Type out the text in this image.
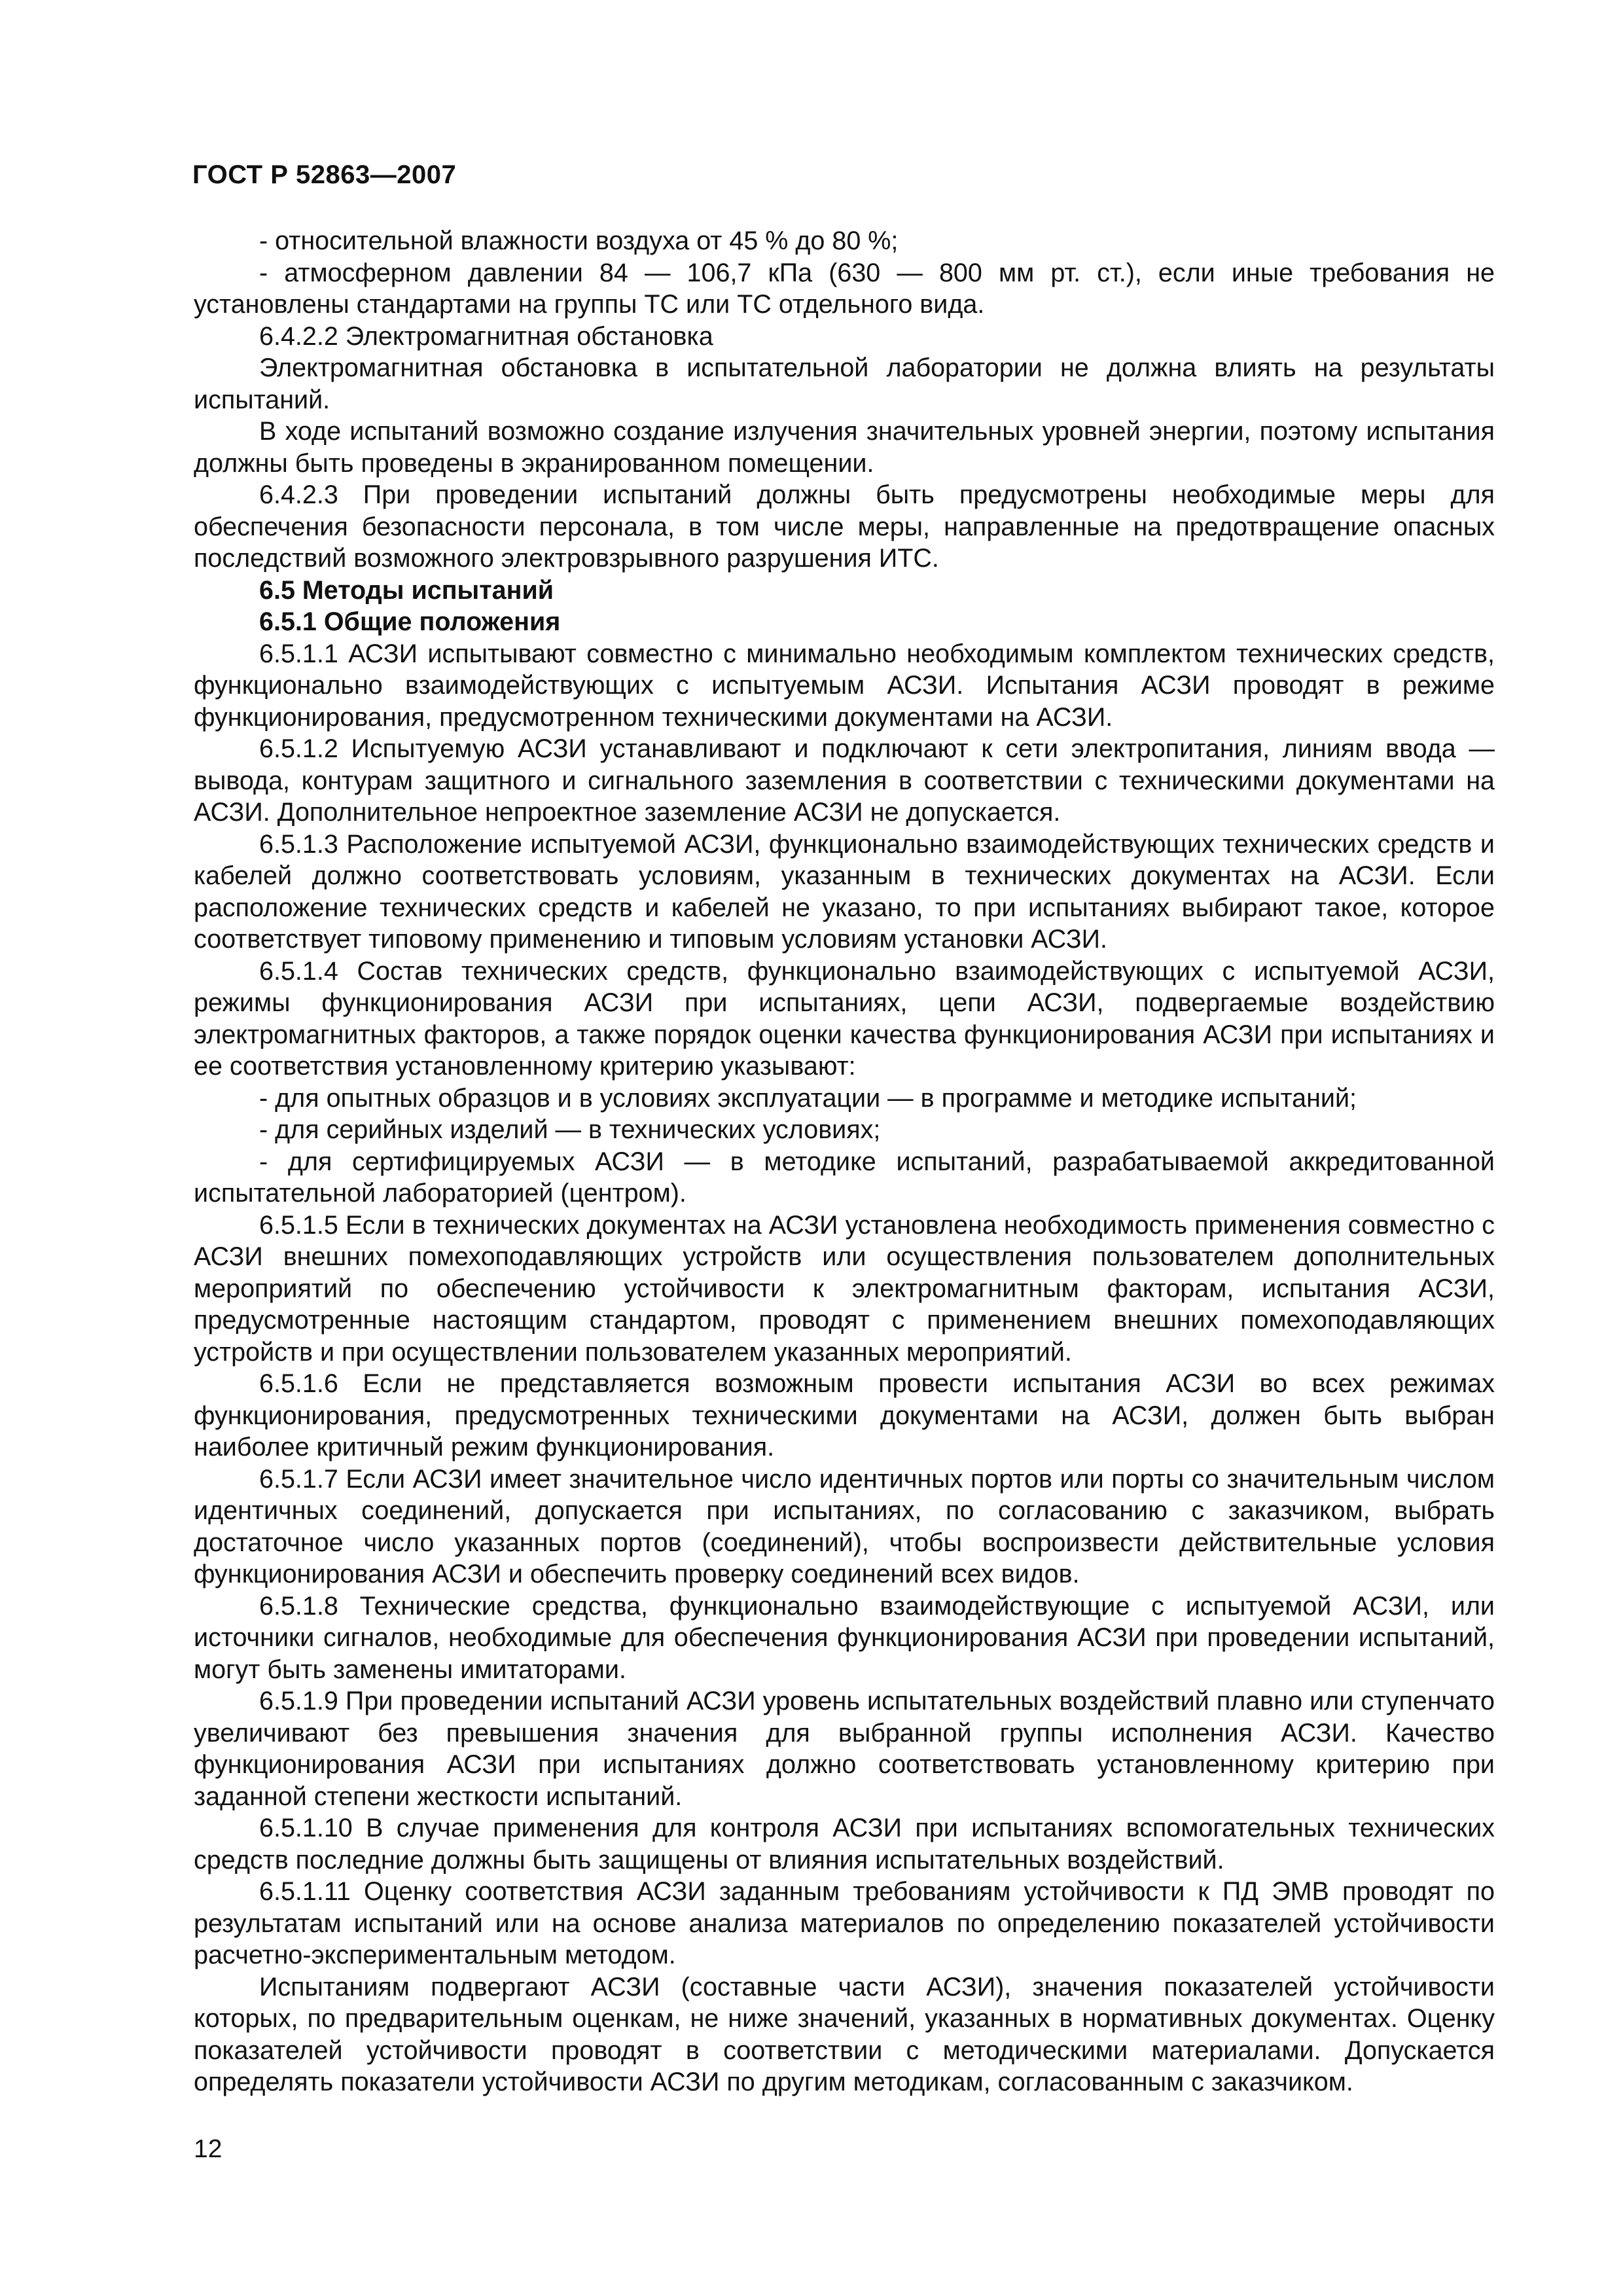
ГОСТ Р 52863—2007

- относительной влажности воздуха от 45 % до 80 %;

- атмосферном давлении 84 — 106,7 кПа (630 — 800 мм рт. ст.), если иные требования не установлены стандартами на группы ТС или ТС отдельного вида.

6.4.2.2 Электромагнитная обстановка

Электромагнитная обстановка в испытательной лаборатории не должна влиять на результаты испытаний.

В ходе испытаний возможно создание излучения значительных уровней энергии, поэтому испытания должны быть проведены в экранированном помещении.

6.4.2.3 При проведении испытаний должны быть предусмотрены необходимые меры для обеспечения безопасности персонала, в том числе меры, направленные на предотвращение опасных последствий возможного электровзрывного разрушения ИТС.

6.5 Методы испытаний

6.5.1 Общие положения

6.5.1.1 АСЗИ испытывают совместно с минимально необходимым комплектом технических средств, функционально взаимодействующих с испытуемым АСЗИ. Испытания АСЗИ проводят в режиме функционирования, предусмотренном техническими документами на АСЗИ.

6.5.1.2 Испытуемую АСЗИ устанавливают и подключают к сети электропитания, линиям ввода — вывода, контурам защитного и сигнального заземления в соответствии с техническими документами на АСЗИ. Дополнительное непроектное заземление АСЗИ не допускается.

6.5.1.3 Расположение испытуемой АСЗИ, функционально взаимодействующих технических средств и кабелей должно соответствовать условиям, указанным в технических документах на АСЗИ. Если расположение технических средств и кабелей не указано, то при испытаниях выбирают такое, которое соответствует типовому применению и типовым условиям установки АСЗИ.

6.5.1.4 Состав технических средств, функционально взаимодействующих с испытуемой АСЗИ, режимы функционирования АСЗИ при испытаниях, цепи АСЗИ, подвергаемые воздействию электромагнитных факторов, а также порядок оценки качества функционирования АСЗИ при испытаниях и ее соответствия установленному критерию указывают:

- для опытных образцов и в условиях эксплуатации — в программе и методике испытаний;

- для серийных изделий — в технических условиях;

- для сертифицируемых АСЗИ — в методике испытаний, разрабатываемой аккредитованной испытательной лабораторией (центром).

6.5.1.5 Если в технических документах на АСЗИ установлена необходимость применения совместно с АСЗИ внешних помехоподавляющих устройств или осуществления пользователем дополнительных мероприятий по обеспечению устойчивости к электромагнитным факторам, испытания АСЗИ, предусмотренные настоящим стандартом, проводят с применением внешних помехоподавляющих устройств и при осуществлении пользователем указанных мероприятий.

6.5.1.6 Если не представляется возможным провести испытания АСЗИ во всех режимах функционирования, предусмотренных техническими документами на АСЗИ, должен быть выбран наиболее критичный режим функционирования.

6.5.1.7 Если АСЗИ имеет значительное число идентичных портов или порты со значительным числом идентичных соединений, допускается при испытаниях, по согласованию с заказчиком, выбрать достаточное число указанных портов (соединений), чтобы воспроизвести действительные условия функционирования АСЗИ и обеспечить проверку соединений всех видов.

6.5.1.8 Технические средства, функционально взаимодействующие с испытуемой АСЗИ, или источники сигналов, необходимые для обеспечения функционирования АСЗИ при проведении испытаний, могут быть заменены имитаторами.

6.5.1.9 При проведении испытаний АСЗИ уровень испытательных воздействий плавно или ступенчато увеличивают без превышения значения для выбранной группы исполнения АСЗИ. Качество функционирования АСЗИ при испытаниях должно соответствовать установленному критерию при заданной степени жесткости испытаний.

6.5.1.10 В случае применения для контроля АСЗИ при испытаниях вспомогательных технических средств последние должны быть защищены от влияния испытательных воздействий.

6.5.1.11 Оценку соответствия АСЗИ заданным требованиям устойчивости к ПД ЭМВ проводят по результатам испытаний или на основе анализа материалов по определению показателей устойчивости расчетно-экспериментальным методом.

Испытаниям подвергают АСЗИ (составные части АСЗИ), значения показателей устойчивости которых, по предварительным оценкам, не ниже значений, указанных в нормативных документах. Оценку показателей устойчивости проводят в соответствии с методическими материалами. Допускается определять показатели устойчивости АСЗИ по другим методикам, согласованным с заказчиком.

12
